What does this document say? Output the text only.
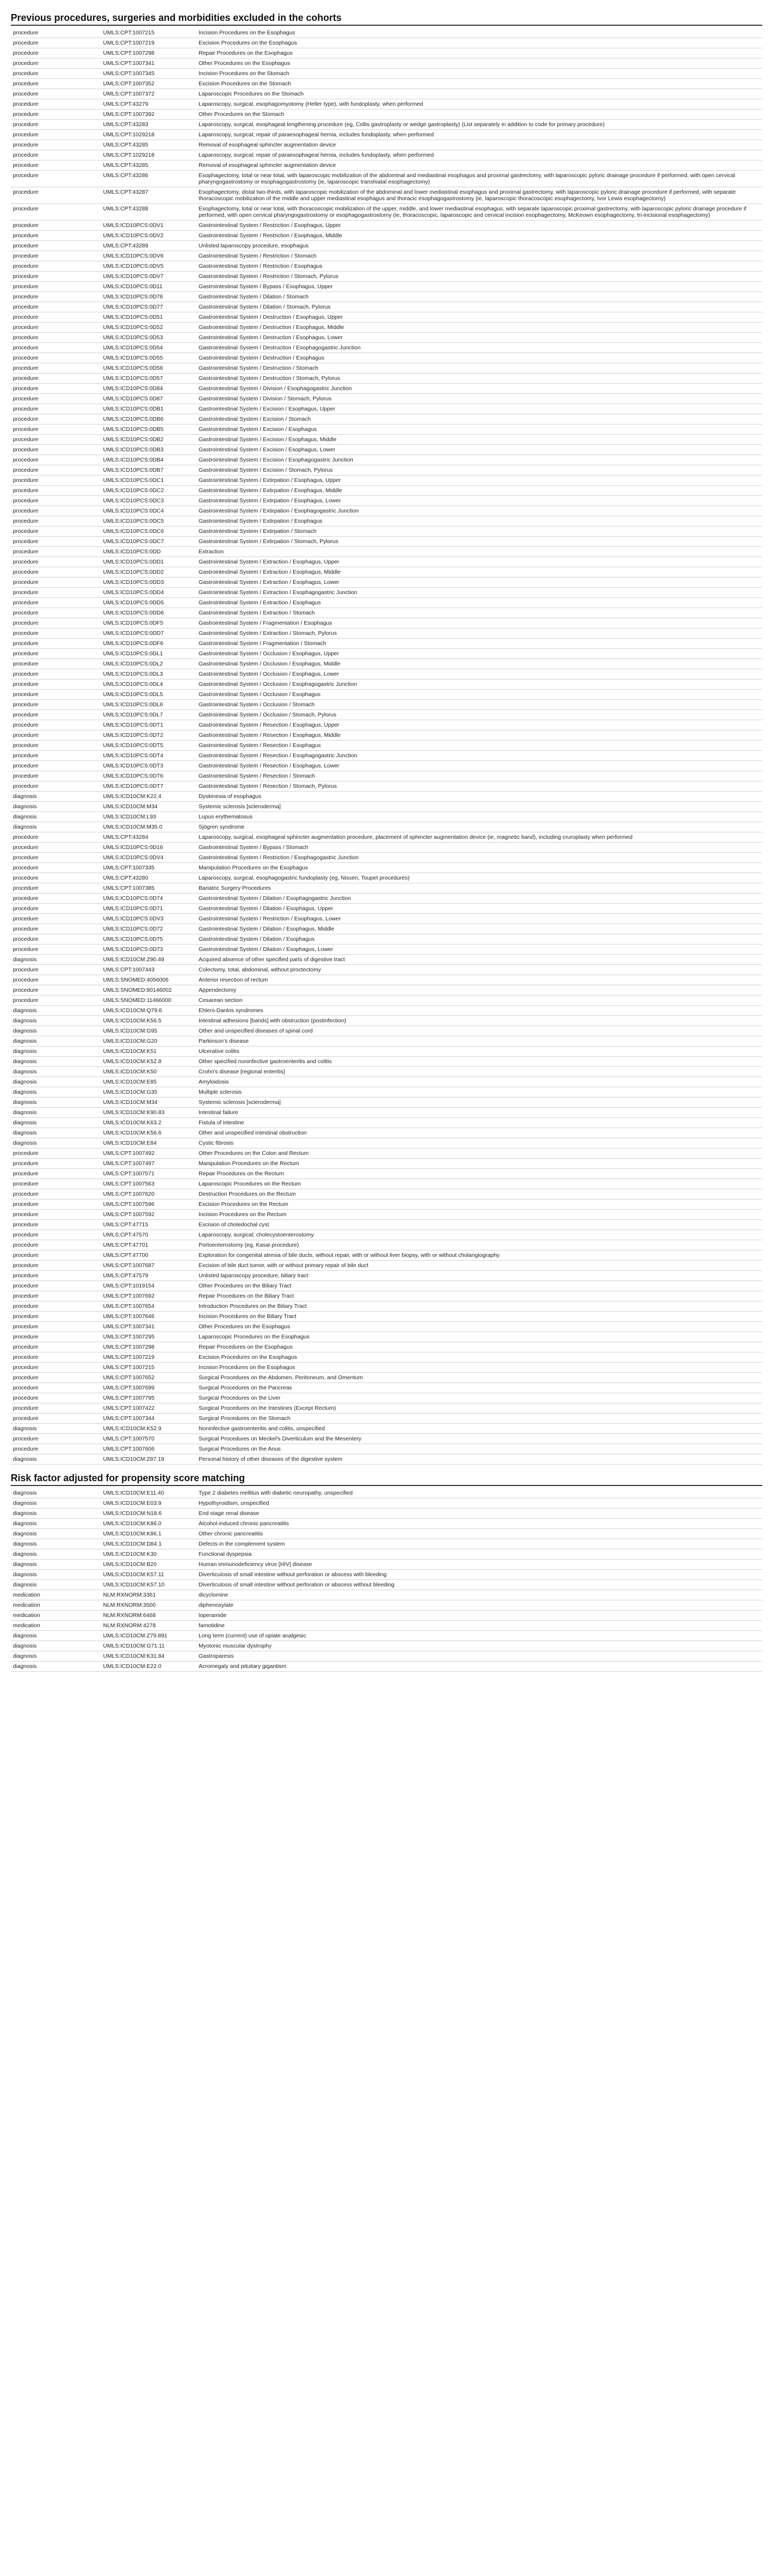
Previous procedures, surgeries and morbidities excluded in the cohorts
procedure	UMLS:CPT:1007215	Incision Procedures on the Esophagus
procedure	UMLS:CPT:1007219	Excision Procedures on the Esophagus
procedure	UMLS:CPT:1007298	Repair Procedures on the Esophagus
procedure	UMLS:CPT:1007341	Other Procedures on the Esophagus
procedure	UMLS:CPT:1007345	Incision Procedures on the Stomach
procedure	UMLS:CPT:1007352	Excision Procedures on the Stomach
procedure	UMLS:CPT:1007372	Laparoscopic Procedures on the Stomach
procedure	UMLS:CPT:43279	Laparoscopy, surgical, esophagomyotomy (Heller type), with fundoplasty, when performed
procedure	UMLS:CPT:1007392	Other Procedures on the Stomach
procedure	UMLS:CPT:43283	Laparoscopy, surgical, esophageal lengthening procedure (eg, Collis gastroplasty or wedge gastroplasty) (List separately in addition to code for primary procedure)
procedure	UMLS:CPT:1029218	Laparoscopy, surgical; repair of paraesophageal hernia, includes fundoplasty, when performed
procedure	UMLS:CPT:43285	Removal of esophageal sphincter augmentation device
procedure	UMLS:CPT:1029218	Laparoscopy, surgical; repair of paraesophageal hernia, includes fundoplasty, when performed
procedure	UMLS:CPT:43285	Removal of esophageal sphincter augmentation device
procedure	UMLS:CPT:43286	Esophagectomy, total or near total, with laparoscopic mobilization of the abdominal and mediastinal esophagus and proximal gastrectomy, with laparoscopic pyloric drainage procedure if performed, with open cervical pharyngogastrostomy or esophagogastrostomy (ie, laparoscopic transhiatal esophagectomy)
procedure	UMLS:CPT:43287	Esophagectomy, distal two-thirds, with laparoscopic mobilization of the abdominal and lower mediastinal esophagus and proximal gastrectomy, with laparoscopic pyloric drainage procedure if performed, with separate thoracoscopic mobilization of the middle and upper mediastinal esophagus and thoracic esophagogastrostomy (ie, laparoscopic thoracoscopic esophagectomy, Ivor Lewis esophagectomy)
procedure	UMLS:CPT:43288	Esophagectomy, total or near total, with thoracoscopic mobilization of the upper, middle, and lower mediastinal esophagus, with separate laparoscopic proximal gastrectomy, with laparoscopic pyloric drainage procedure if performed, with open cervical pharyngogastrostomy or esophagogastrostomy (ie, thoracoscopic, laparoscopic and cervical incision esophagectomy, McKeown esophagectomy, tri-incisional esophagectomy)
procedure	UMLS:ICD10PCS:0DV1	Gastrointestinal System / Restriction / Esophagus, Upper
procedure	UMLS:ICD10PCS:0DV2	Gastrointestinal System / Restriction / Esophagus, Middle
procedure	UMLS:CPT:43289	Unlisted laparoscopy procedure, esophagus
procedure	UMLS:ICD10PCS:0DV6	Gastrointestinal System / Restriction / Stomach
procedure	UMLS:ICD10PCS:0DV5	Gastrointestinal System / Restriction / Esophagus
procedure	UMLS:ICD10PCS:0DV7	Gastrointestinal System / Restriction / Stomach, Pylorus
procedure	UMLS:ICD10PCS:0D11	Gastrointestinal System / Bypass / Esophagus, Upper
procedure	UMLS:ICD10PCS:0D76	Gastrointestinal System / Dilation / Stomach
procedure	UMLS:ICD10PCS:0D77	Gastrointestinal System / Dilation / Stomach, Pylorus
procedure	UMLS:ICD10PCS:0D51	Gastrointestinal System / Destruction / Esophagus, Upper
procedure	UMLS:ICD10PCS:0D52	Gastrointestinal System / Destruction / Esophagus, Middle
procedure	UMLS:ICD10PCS:0D53	Gastrointestinal System / Destruction / Esophagus, Lower
procedure	UMLS:ICD10PCS:0D54	Gastrointestinal System / Destruction / Esophagogastric Junction
procedure	UMLS:ICD10PCS:0D55	Gastrointestinal System / Destruction / Esophagus
procedure	UMLS:ICD10PCS:0D56	Gastrointestinal System / Destruction / Stomach
procedure	UMLS:ICD10PCS:0D57	Gastrointestinal System / Destruction / Stomach, Pylorus
procedure	UMLS:ICD10PCS:0D84	Gastrointestinal System / Division / Esophagogastric Junction
procedure	UMLS:ICD10PCS:0D87	Gastrointestinal System / Division / Stomach, Pylorus
procedure	UMLS:ICD10PCS:0DB1	Gastrointestinal System / Excision / Esophagus, Upper
procedure	UMLS:ICD10PCS:0DB6	Gastrointestinal System / Excision / Stomach
procedure	UMLS:ICD10PCS:0DB5	Gastrointestinal System / Excision / Esophagus
procedure	UMLS:ICD10PCS:0DB2	Gastrointestinal System / Excision / Esophagus, Middle
procedure	UMLS:ICD10PCS:0DB3	Gastrointestinal System / Excision / Esophagus, Lower
procedure	UMLS:ICD10PCS:0DB4	Gastrointestinal System / Excision / Esophagogastric Junction
procedure	UMLS:ICD10PCS:0DB7	Gastrointestinal System / Excision / Stomach, Pylorus
procedure	UMLS:ICD10PCS:0DC1	Gastrointestinal System / Extirpation / Esophagus, Upper
procedure	UMLS:ICD10PCS:0DC2	Gastrointestinal System / Extirpation / Esophagus, Middle
procedure	UMLS:ICD10PCS:0DC3	Gastrointestinal System / Extirpation / Esophagus, Lower
procedure	UMLS:ICD10PCS:0DC4	Gastrointestinal System / Extirpation / Esophagogastric Junction
procedure	UMLS:ICD10PCS:0DC5	Gastrointestinal System / Extirpation / Esophagus
procedure	UMLS:ICD10PCS:0DC6	Gastrointestinal System / Extirpation / Stomach
procedure	UMLS:ICD10PCS:0DC7	Gastrointestinal System / Extirpation / Stomach, Pylorus
procedure	UMLS:ICD10PCS:0DD	Extraction
procedure	UMLS:ICD10PCS:0DD1	Gastrointestinal System / Extraction / Esophagus, Upper
procedure	UMLS:ICD10PCS:0DD2	Gastrointestinal System / Extraction / Esophagus, Middle
procedure	UMLS:ICD10PCS:0DD3	Gastrointestinal System / Extraction / Esophagus, Lower
procedure	UMLS:ICD10PCS:0DD4	Gastrointestinal System / Extraction / Esophagogastric Junction
procedure	UMLS:ICD10PCS:0DD5	Gastrointestinal System / Extraction / Esophagus
procedure	UMLS:ICD10PCS:0DD6	Gastrointestinal System / Extraction / Stomach
procedure	UMLS:ICD10PCS:0DF5	Gastrointestinal System / Fragmentation / Esophagus
procedure	UMLS:ICD10PCS:0DD7	Gastrointestinal System / Extraction / Stomach, Pylorus
procedure	UMLS:ICD10PCS:0DF6	Gastrointestinal System / Fragmentation / Stomach
procedure	UMLS:ICD10PCS:0DL1	Gastrointestinal System / Occlusion / Esophagus, Upper
procedure	UMLS:ICD10PCS:0DL2	Gastrointestinal System / Occlusion / Esophagus, Middle
procedure	UMLS:ICD10PCS:0DL3	Gastrointestinal System / Occlusion / Esophagus, Lower
procedure	UMLS:ICD10PCS:0DL4	Gastrointestinal System / Occlusion / Esophagogastric Junction
procedure	UMLS:ICD10PCS:0DL5	Gastrointestinal System / Occlusion / Esophagus
procedure	UMLS:ICD10PCS:0DL6	Gastrointestinal System / Occlusion / Stomach
procedure	UMLS:ICD10PCS:0DL7	Gastrointestinal System / Occlusion / Stomach, Pylorus
procedure	UMLS:ICD10PCS:0DT1	Gastrointestinal System / Resection / Esophagus, Upper
procedure	UMLS:ICD10PCS:0DT2	Gastrointestinal System / Resection / Esophagus, Middle
procedure	UMLS:ICD10PCS:0DT5	Gastrointestinal System / Resection / Esophagus
procedure	UMLS:ICD10PCS:0DT4	Gastrointestinal System / Resection / Esophagogastric Junction
procedure	UMLS:ICD10PCS:0DT3	Gastrointestinal System / Resection / Esophagus, Lower
procedure	UMLS:ICD10PCS:0DT6	Gastrointestinal System / Resection / Stomach
procedure	UMLS:ICD10PCS:0DT7	Gastrointestinal System / Resection / Stomach, Pylorus
diagnosis	UMLS:ICD10CM:K22.4	Dyskinesia of esophagus
diagnosis	UMLS:ICD10CM:M34	Systemic sclerosis [scleroderma]
diagnosis	UMLS:ICD10CM:L93	Lupus erythematosus
diagnosis	UMLS:ICD10CM:M35.0	Sjögren syndrome
procedure	UMLS:CPT:43284	Laparoscopy, surgical, esophageal sphincter augmentation procedure, placement of sphincter augmentation device (ie, magnetic band), including cruroplasty when performed
procedure	UMLS:ICD10PCS:0D16	Gastrointestinal System / Bypass / Stomach
procedure	UMLS:ICD10PCS:0DV4	Gastrointestinal System / Restriction / Esophagogastric Junction
procedure	UMLS:CPT:1007335	Manipulation Procedures on the Esophagus
procedure	UMLS:CPT:43280	Laparoscopy, surgical, esophagogastric fundoplasty (eg, Nissen, Toupet procedures)
procedure	UMLS:CPT:1007385	Bariatric Surgery Procedures
procedure	UMLS:ICD10PCS:0D74	Gastrointestinal System / Dilation / Esophagogastric Junction
procedure	UMLS:ICD10PCS:0D71	Gastrointestinal System / Dilation / Esophagus, Upper
procedure	UMLS:ICD10PCS:0DV3	Gastrointestinal System / Restriction / Esophagus, Lower
procedure	UMLS:ICD10PCS:0D72	Gastrointestinal System / Dilation / Esophagus, Middle
procedure	UMLS:ICD10PCS:0D75	Gastrointestinal System / Dilation / Esophagus
procedure	UMLS:ICD10PCS:0D73	Gastrointestinal System / Dilation / Esophagus, Lower
diagnosis	UMLS:ICD10CM:Z90.49	Acquired absence of other specified parts of digestive tract
procedure	UMLS:CPT:1007443	Colectomy, total, abdominal, without proctectomy
procedure	UMLS:SNOMED:4056006	Anterior resection of rectum
procedure	UMLS:SNOMED:80146002	Appendectomy
procedure	UMLS:SNOMED:11466000	Cesarean section
diagnosis	UMLS:ICD10CM:Q79.6	Ehlers-Danlos syndromes
diagnosis	UMLS:ICD10CM:K56.5	Intestinal adhesions [bands] with obstruction (postinfection)
diagnosis	UMLS:ICD10CM:G95	Other and unspecified diseases of spinal cord
diagnosis	UMLS:ICD10CM:G20	Parkinson's disease
diagnosis	UMLS:ICD10CM:K51	Ulcerative colitis
diagnosis	UMLS:ICD10CM:K52.8	Other specified noninfective gastroenteritis and colitis
diagnosis	UMLS:ICD10CM:K50	Crohn's disease [regional enteritis]
diagnosis	UMLS:ICD10CM:E85	Amyloidosis
diagnosis	UMLS:ICD10CM:G35	Multiple sclerosis
diagnosis	UMLS:ICD10CM:M34	Systemic sclerosis [scleroderma]
diagnosis	UMLS:ICD10CM:K90.83	Intestinal failure
diagnosis	UMLS:ICD10CM:K63.2	Fistula of intestine
diagnosis	UMLS:ICD10CM:K56.6	Other and unspecified intestinal obstruction
diagnosis	UMLS:ICD10CM:E84	Cystic fibrosis
procedure	UMLS:CPT:1007492	Other Procedures on the Colon and Rectum
procedure	UMLS:CPT:1007497	Manipulation Procedures on the Rectum
procedure	UMLS:CPT:1007571	Repair Procedures on the Rectum
procedure	UMLS:CPT:1007563	Laparoscopic Procedures on the Rectum
procedure	UMLS:CPT:1007620	Destruction Procedures on the Rectum
procedure	UMLS:CPT:1007596	Excision Procedures on the Rectum
procedure	UMLS:CPT:1007592	Incision Procedures on the Rectum
procedure	UMLS:CPT:47715	Excision of choledochal cyst
procedure	UMLS:CPT:47570	Laparoscopy, surgical; cholecystoenterostomy
procedure	UMLS:CPT:47701	Portoenterostomy (eg, Kasai procedure)
procedure	UMLS:CPT:47700	Exploration for congenital atresia of bile ducts, without repair, with or without liver biopsy, with or without cholangiography
procedure	UMLS:CPT:1007687	Excision of bile duct tumor, with or without primary repair of bile duct
procedure	UMLS:CPT:47579	Unlisted laparoscopy procedure, biliary tract
procedure	UMLS:CPT:1019154	Other Procedures on the Biliary Tract
procedure	UMLS:CPT:1007692	Repair Procedures on the Biliary Tract
procedure	UMLS:CPT:1007654	Introduction Procedures on the Biliary Tract
procedure	UMLS:CPT:1007646	Incision Procedures on the Biliary Tract
procedure	UMLS:CPT:1007341	Other Procedures on the Esophagus
procedure	UMLS:CPT:1007295	Laparoscopic Procedures on the Esophagus
procedure	UMLS:CPT:1007298	Repair Procedures on the Esophagus
procedure	UMLS:CPT:1007219	Excision Procedures on the Esophagus
procedure	UMLS:CPT:1007215	Incision Procedures on the Esophagus
procedure	UMLS:CPT:1007652	Surgical Procedures on the Abdomen, Peritoneum, and Omentum
procedure	UMLS:CPT:1007699	Surgical Procedures on the Pancreas
procedure	UMLS:CPT:1007795	Surgical Procedures on the Liver
procedure	UMLS:CPT:1007422	Surgical Procedures on the Intestines (Except Rectum)
procedure	UMLS:CPT:1007344	Surgical Procedures on the Stomach
diagnosis	UMLS:ICD10CM:K52.9	Noninfective gastroenteritis and colitis, unspecified
procedure	UMLS:CPT:1007570	Surgical Procedures on Meckel's Diverticulum and the Mesentery
procedure	UMLS:CPT:1007606	Surgical Procedures on the Anus
diagnosis	UMLS:ICD10CM:Z87.19	Personal history of other diseases of the digestive system
Risk factor adjusted for propensity score matching
diagnosis	UMLS:ICD10CM:E11.40	Type 2 diabetes mellitus with diabetic neuropathy, unspecified
diagnosis	UMLS:ICD10CM:E03.9	Hypothyroidism, unspecified
diagnosis	UMLS:ICD10CM:N18.6	End stage renal disease
diagnosis	UMLS:ICD10CM:K86.0	Alcohol-induced chronic pancreatitis
diagnosis	UMLS:ICD10CM:K86.1	Other chronic pancreatitis
diagnosis	UMLS:ICD10CM:D84.1	Defects in the complement system
diagnosis	UMLS:ICD10CM:K30	Functional dyspepsia
diagnosis	UMLS:ICD10CM:B20	Human immunodeficiency virus [HIV] disease
diagnosis	UMLS:ICD10CM:K57.11	Diverticulosis of small intestine without perforation or abscess with bleeding
diagnosis	UMLS:ICD10CM:K57.10	Diverticulosis of small intestine without perforation or abscess without bleeding
medication	NLM:RXNORM:3361	dicyclomine
medication	NLM:RXNORM:3500	diphenoxylate
medication	NLM:RXNORM:6468	loperamide
medication	NLM:RXNORM:4278	famotidine
diagnosis	UMLS:ICD10CM:Z79.891	Long term (current) use of opiate analgesic
diagnosis	UMLS:ICD10CM:G71.11	Myotonic muscular dystrophy
diagnosis	UMLS:ICD10CM:K31.84	Gastroparesis
diagnosis	UMLS:ICD10CM:E22.0	Acromegaly and pituitary gigantism
